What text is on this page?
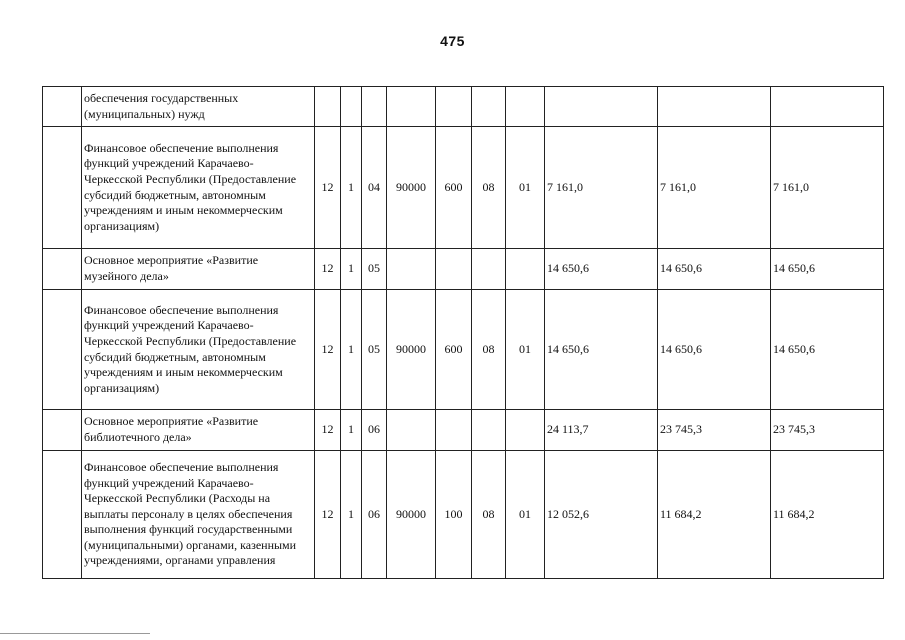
475
	обеспечения государственных (муниципальных) нужд										
	Финансовое обеспечение выполнения функций учреждений Карачаево-Черкесской Республики (Предоставление субсидий бюджетным, автономным учреждениям и иным некоммерческим организациям)	12	1	04	90000	600	08	01	7 161,0	7 161,0	7 161,0
	Основное мероприятие «Развитие музейного дела»	12	1	05					14 650,6	14 650,6	14 650,6
	Финансовое обеспечение выполнения функций учреждений Карачаево-Черкесской Республики (Предоставление субсидий бюджетным, автономным учреждениям и иным некоммерческим организациям)	12	1	05	90000	600	08	01	14 650,6	14 650,6	14 650,6
	Основное мероприятие «Развитие библиотечного дела»	12	1	06					24 113,7	23 745,3	23 745,3
	Финансовое обеспечение выполнения функций учреждений Карачаево-Черкесской Республики (Расходы на выплаты персоналу в целях обеспечения выполнения функций государственными (муниципальными) органами, казенными учреждениями, органами управления	12	1	06	90000	100	08	01	12 052,6	11 684,2	11 684,2
